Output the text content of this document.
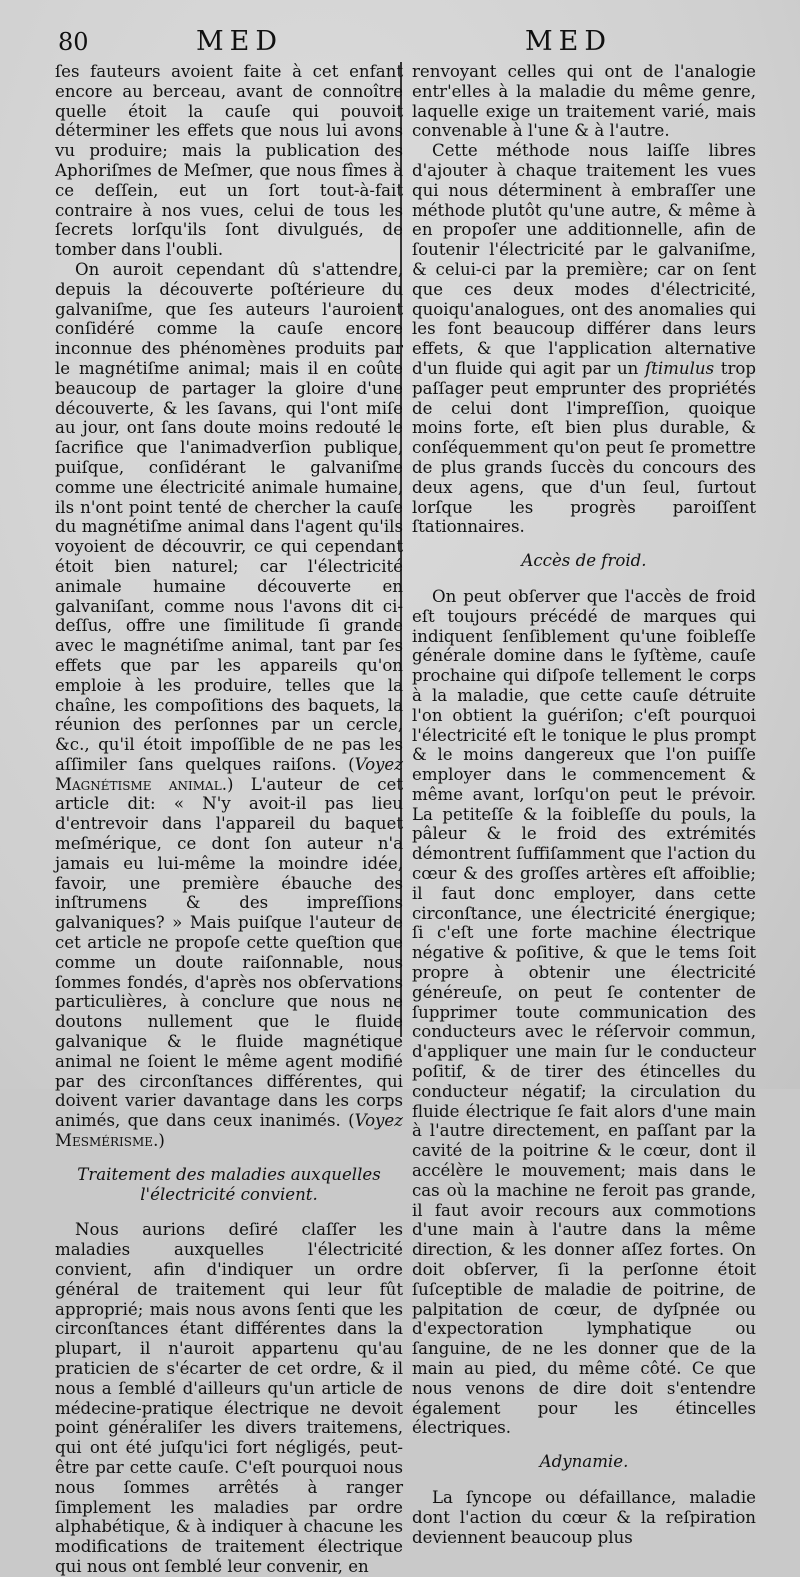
80	MED	MED

ſes fauteurs avoient faite à cet enfant encore au berceau, avant de connoître quelle étoit la cauſe qui pouvoit déterminer les effets que nous lui avons vu produire; mais la publication des Aphoriſmes de Meſmer, que nous fîmes à ce deſſein, eut un ſort tout-à-fait contraire à nos vues, celui de tous les ſecrets lorſqu'ils ſont divulgués, de tomber dans l'oubli.

On auroit cependant dû s'attendre, depuis la découverte poſtérieure du galvaniſme, que ſes auteurs l'auroient conſidéré comme la cauſe encore inconnue des phénomènes produits par le magnétiſme animal; mais il en coûte beaucoup de partager la gloire d'une découverte, & les ſavans, qui l'ont miſe au jour, ont ſans doute moins redouté le ſacrifice que l'animadverſion publique, puiſque, conſidérant le galvaniſme comme une électricité animale humaine, ils n'ont point tenté de chercher la cauſe du magnétiſme animal dans l'agent qu'ils voyoient de découvrir, ce qui cependant étoit bien naturel; car l'électricité animale humaine découverte en galvaniſant, comme nous l'avons dit ci-deſſus, offre une ſimilitude ſi grande avec le magnétiſme animal, tant par ſes effets que par les appareils qu'on emploie à les produire, telles que la chaîne, les compoſitions des baquets, la réunion des perſonnes par un cercle, &c., qu'il étoit impoſſible de ne pas les aſſimiler ſans quelques raiſons. (Voyez Magnétisme animal.) L'auteur de cet article dit: « N'y avoit-il pas lieu d'entrevoir dans l'appareil du baquet meſmérique, ce dont ſon auteur n'a jamais eu lui-même la moindre idée, favoir, une première ébauche des inſtrumens & des impreſſions galvaniques? » Mais puiſque l'auteur de cet article ne propoſe cette queſtion que comme un doute raiſonnable, nous ſommes fondés, d'après nos obſervations particulières, à conclure que nous ne doutons nullement que le fluide galvanique & le fluide magnétique animal ne ſoient le même agent modifié par des circonſtances différentes, qui doivent varier davantage dans les corps animés, que dans ceux inanimés. (Voyez Mesmérisme.)

Traitement des maladies auxquelles l'électricité convient.

Nous aurions deſiré claſſer les maladies auxquelles l'électricité convient, afin d'indiquer un ordre général de traitement qui leur fût approprié; mais nous avons ſenti que les circonſtances étant différentes dans la plupart, il n'auroit appartenu qu'au praticien de s'écarter de cet ordre, & il nous a ſemblé d'ailleurs qu'un article de médecine-pratique électrique ne devoit point généraliſer les divers traitemens, qui ont été juſqu'ici fort négligés, peut-être par cette cauſe. C'eſt pourquoi nous nous ſommes arrêtés à ranger ſimplement les maladies par ordre alphabétique, & à indiquer à chacune les modifications de traitement électrique qui nous ont ſemblé leur convenir, en

renvoyant celles qui ont de l'analogie entr'elles à la maladie du même genre, laquelle exige un traitement varié, mais convenable à l'une & à l'autre.

Cette méthode nous laiſſe libres d'ajouter à chaque traitement les vues qui nous déterminent à embraſſer une méthode plutôt qu'une autre, & même à en propoſer une additionnelle, afin de ſoutenir l'électricité par le galvaniſme, & celui-ci par la première; car on ſent que ces deux modes d'électricité, quoiqu'analogues, ont des anomalies qui les font beaucoup différer dans leurs effets, & que l'application alternative d'un fluide qui agit par un ſtimulus trop paſſager peut emprunter des propriétés de celui dont l'impreſſion, quoique moins forte, eſt bien plus durable, & conſéquemment qu'on peut ſe promettre de plus grands ſuccès du concours des deux agens, que d'un ſeul, ſurtout lorſque les progrès paroiſſent ſtationnaires.

Accès de froid.

On peut obſerver que l'accès de froid eſt toujours précédé de marques qui indiquent ſenſiblement qu'une foibleſſe générale domine dans le ſyſtème, cauſe prochaine qui diſpoſe tellement le corps à la maladie, que cette cauſe détruite l'on obtient la guériſon; c'eſt pourquoi l'électricité eſt le tonique le plus prompt & le moins dangereux que l'on puiſſe employer dans le commencement & même avant, lorſqu'on peut le prévoir. La petiteſſe & la foibleſſe du pouls, la pâleur & le froid des extrémités démontrent ſuffiſamment que l'action du cœur & des groſſes artères eſt affoiblie; il faut donc employer, dans cette circonſtance, une électricité énergique; ſi c'eſt une forte machine électrique négative & poſitive, & que le tems ſoit propre à obtenir une électricité généreuſe, on peut ſe contenter de ſupprimer toute communication des conducteurs avec le réſervoir commun, d'appliquer une main ſur le conducteur poſitif, & de tirer des étincelles du conducteur négatif; la circulation du fluide électrique ſe fait alors d'une main à l'autre directement, en paſſant par la cavité de la poitrine & le cœur, dont il accélère le mouvement; mais dans le cas où la machine ne feroit pas grande, il faut avoir recours aux commotions d'une main à l'autre dans la même direction, & les donner aſſez fortes. On doit obſerver, ſi la perſonne étoit ſuſceptible de maladie de poitrine, de palpitation de cœur, de dyſpnée ou d'expectoration lymphatique ou ſanguine, de ne les donner que de la main au pied, du même côté. Ce que nous venons de dire doit s'entendre également pour les étincelles électriques.

Adynamie.

La ſyncope ou défaillance, maladie dont l'action du cœur & la reſpiration deviennent beaucoup plus
